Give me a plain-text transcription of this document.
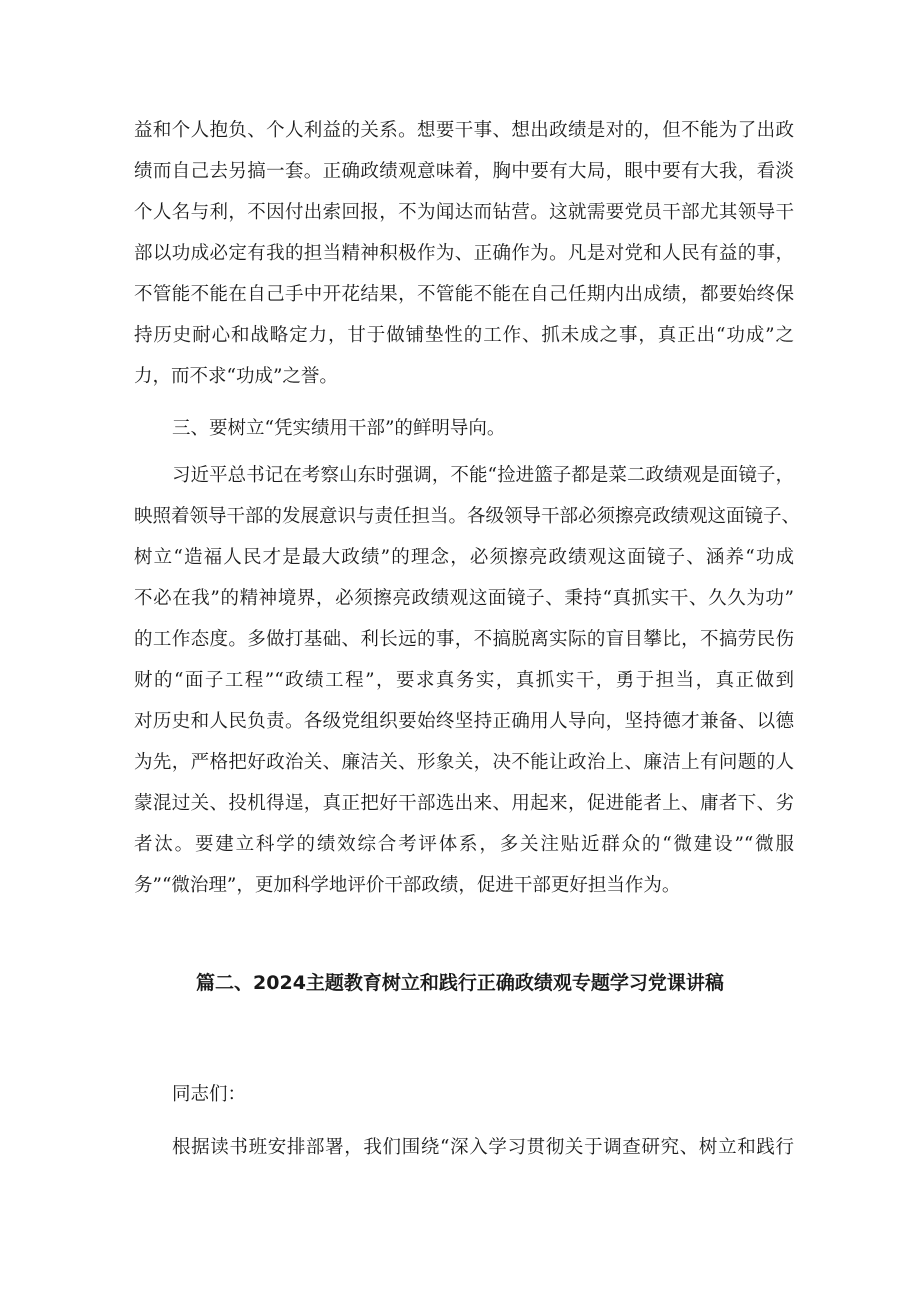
益和个人抱负、个人利益的关系。想要干事、想出政绩是对的，但不能为了出政
绩而自己去另搞一套。正确政绩观意味着，胸中要有大局，眼中要有大我，看淡
个人名与利，不因付出索回报，不为闻达而钻营。这就需要党员干部尤其领导干
部以功成必定有我的担当精神积极作为、正确作为。凡是对党和人民有益的事，
不管能不能在自己手中开花结果，不管能不能在自己任期内出成绩，都要始终保
持历史耐心和战略定力，甘于做铺垫性的工作、抓未成之事，真正出“功成”之
力，而不求“功成”之誉。
三、要树立“凭实绩用干部”的鲜明导向。
习近平总书记在考察山东时强调，不能“捡进篮子都是菜二政绩观是面镜子，
映照着领导干部的发展意识与责任担当。各级领导干部必须擦亮政绩观这面镜子、
树立“造福人民才是最大政绩”的理念，必须擦亮政绩观这面镜子、涵养“功成
不必在我”的精神境界，必须擦亮政绩观这面镜子、秉持“真抓实干、久久为功”
的工作态度。多做打基础、利长远的事，不搞脱离实际的盲目攀比，不搞劳民伤
财的“面子工程”“政绩工程”，要求真务实，真抓实干，勇于担当，真正做到
对历史和人民负责。各级党组织要始终坚持正确用人导向，坚持德才兼备、以德
为先，严格把好政治关、廉洁关、形象关，决不能让政治上、廉洁上有问题的人
蒙混过关、投机得逞，真正把好干部选出来、用起来，促进能者上、庸者下、劣
者汰。要建立科学的绩效综合考评体系，多关注贴近群众的“微建设”“微服
务”“微治理”，更加科学地评价干部政绩，促进干部更好担当作为。
篇二、2024主题教育树立和践行正确政绩观专题学习党课讲稿
同志们：
根据读书班安排部署，我们围绕“深入学习贯彻关于调查研究、树立和践行
